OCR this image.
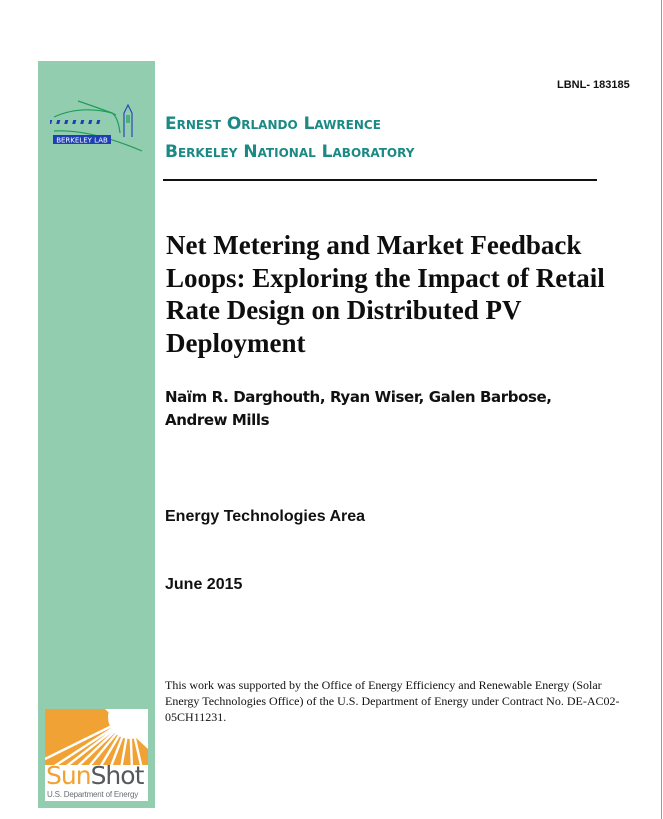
BERKELEY LAB
SunShot
U.S. Department of Energy
LBNL- 183185
Ernest Orlando Lawrence
Berkeley National Laboratory
Net Metering and Market Feedback Loops: Exploring the Impact of Retail Rate Design on Distributed PV Deployment
Naïm R. Darghouth, Ryan Wiser, Galen Barbose, Andrew Mills
Energy Technologies Area
June 2015
This work was supported by the Office of Energy Efficiency and Renewable Energy (Solar Energy Technologies Office) of the U.S. Department of Energy under Contract No. DE-AC02-05CH11231.
